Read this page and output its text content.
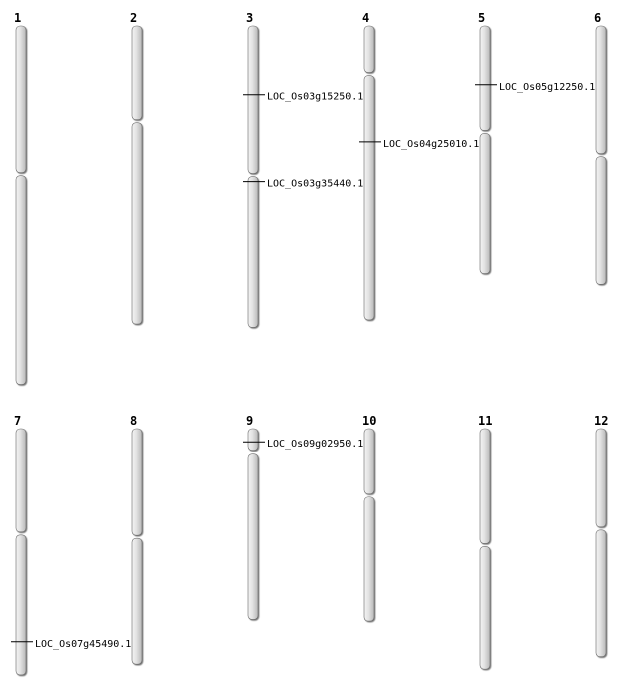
1	2	3	4	5	6
7	8	9	10	11	12
LOC_Os03g15250.1
LOC_Os03g35440.1
LOC_Os04g25010.1
LOC_Os05g12250.1
LOC_Os07g45490.1
LOC_Os09g02950.1
